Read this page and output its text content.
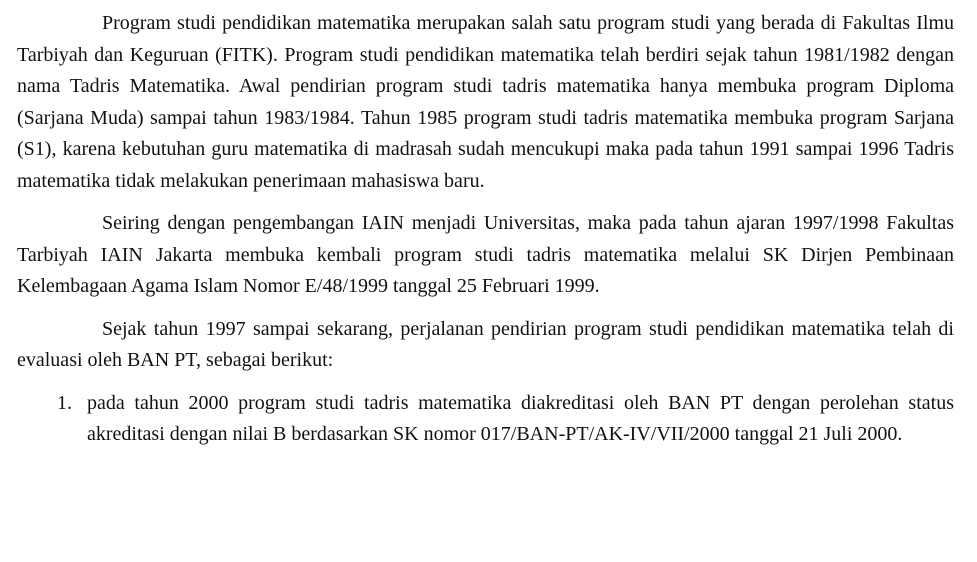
Program studi pendidikan matematika merupakan salah satu program studi yang berada di Fakultas Ilmu Tarbiyah dan Keguruan (FITK). Program studi pendidikan matematika telah berdiri sejak tahun 1981/1982 dengan nama Tadris Matematika. Awal pendirian program studi tadris matematika hanya membuka program Diploma (Sarjana Muda) sampai tahun 1983/1984. Tahun 1985 program studi tadris matematika membuka program Sarjana (S1), karena kebutuhan guru matematika di madrasah sudah mencukupi maka pada tahun 1991 sampai 1996 Tadris matematika tidak melakukan penerimaan mahasiswa baru.

Seiring dengan pengembangan IAIN menjadi Universitas, maka pada tahun ajaran 1997/1998 Fakultas Tarbiyah IAIN Jakarta membuka kembali program studi tadris matematika melalui SK Dirjen Pembinaan Kelembagaan Agama Islam Nomor E/48/1999 tanggal 25 Februari 1999.

Sejak tahun 1997 sampai sekarang, perjalanan pendirian program studi pendidikan matematika telah di evaluasi oleh BAN PT, sebagai berikut:

1. pada tahun 2000 program studi tadris matematika diakreditasi oleh BAN PT dengan perolehan status akreditasi dengan nilai B berdasarkan SK nomor 017/BAN-PT/AK-IV/VII/2000 tanggal 21 Juli 2000.
